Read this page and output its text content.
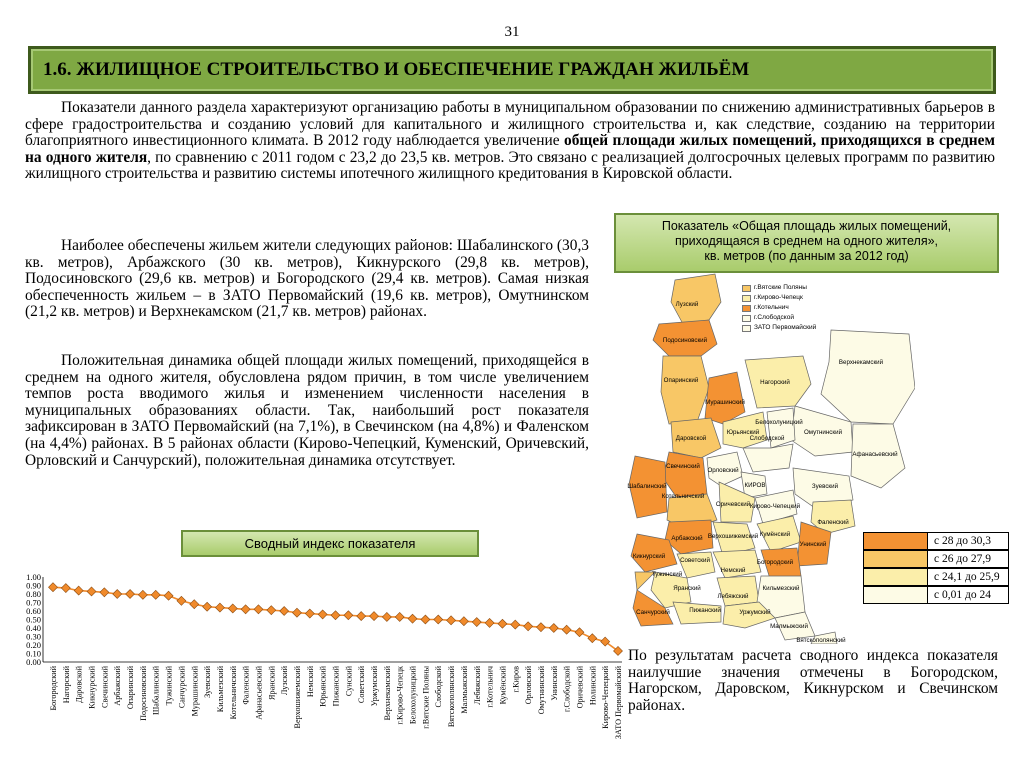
31
1.6. ЖИЛИЩНОЕ СТРОИТЕЛЬСТВО И ОБЕСПЕЧЕНИЕ ГРАЖДАН ЖИЛЬЁМ

Показатели данного раздела характеризуют организацию работы в муниципальном образовании по снижению административных барьеров в сфере градостроительства и созданию условий для капитального и жилищного строительства и, как следствие, созданию на территории благоприятного инвестиционного климата. В 2012 году наблюдается увеличение общей площади жилых помещений, приходящихся в среднем на одного жителя, по сравнению с 2011 годом с 23,2 до 23,5 кв. метров. Это связано с реализацией долгосрочных целевых программ по развитию жилищного строительства и развитию системы ипотечного жилищного кредитования в Кировской области.

Наиболее обеспечены жильем жители следующих районов: Шабалинского (30,3 кв. метров), Арбажского (30 кв. метров), Кикнурского (29,8 кв. метров), Подосиновского (29,6 кв. метров) и Богородского (29,4 кв. метров). Самая низкая обеспеченность жильем – в ЗАТО Первомайский (19,6 кв. метров), Омутнинском (21,2 кв. метров) и Верхнекамском (21,7 кв. метров) районах.

Положительная динамика общей площади жилых помещений, приходящейся в среднем на одного жителя, обусловлена рядом причин, в том числе увеличением темпов роста вводимого жилья и изменением численности населения в муниципальных образованиях области. Так, наибольший рост показателя зафиксирован в ЗАТО Первомайский (на 7,1%), в Свечинском (на 4,8%) и Фаленском (на 4,4%) районах. В 5 районах области (Кирово-Чепецкий, Куменский, Оричевский, Орловский и Санчурский), положительная динамика отсутствует.

Показатель «Общая площадь жилых помещений,
приходящаяся в среднем на одного жителя»,
кв. метров (по данным за 2012 год)
Лузский
Подосиновский
Опаринский
Мурашинский
Нагорский
Верхнекамский
Даровской
Юрьянский	Омутнинский
Белохолуницкий
Слободской
Афанасьевский
Свечинский
Шабалинский
Орловский
КИРОВ
Котельничский
Оричевский Кирово-Чепецкий
Зуевский
Фаленский
Арбажский Верхошижемский Кумёнский
Унинский
Кикнурский
Советский
Немский
Богородский
Тужинский
Лебяжский
Санчурский	Пижанский
Яранский	Кильмезский
Уржумский
Малмыжский
Вятскополянский
г.Вятские Поляны
г.Кирово-Чепецк
г.Котельнич
г.Слободской
ЗАТО Первомайский
с 28 до 30,3
с 26 до 27,9
с 24,1 до 25,9
с 0,01 до 24
Сводный индекс показателя
0.00
0.10
0.20
0.30
0.40
0.50
0.60
0.70
0.80
0.90
1.00
Богородский Нагорский Даровской Кикнурский Свечинский Арбажский Опаринский Подосиновский Шабалинский Тужинский Санчурский Мурашинский Зуевский Кильмезский Котельничский Фаленский Афанасьевский Яранский Лузский Верхошижемский Немский Юрьянский Пижанский Сунский Советский Уржумский Верхнекамский г.Кирово-Чепецк Белохолуницкий г.Вятские Поляны Слободской Вятскополянский Малмыжский Лебяжский г.Котельнич Кумёнский г.Киров Орловский Омутнинский Унинский г.Слободской Оричевский Нолинский Кирово-Чепецкий ЗАТО Первомайский

По результатам расчета сводного индекса показателя наилучшие значения отмечены в Богородском, Нагорском, Даровском, Кикнурском и Свечинском районах.
